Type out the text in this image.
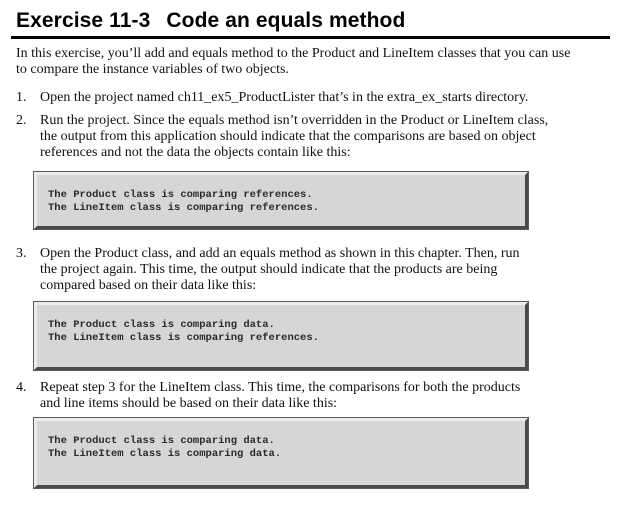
Exercise 11-3 Code an equals method
In this exercise, you’ll add and equals method to the Product and LineItem classes that you can use to compare the instance variables of two objects.
1. Open the project named ch11_ex5_ProductLister that’s in the extra_ex_starts directory.
2. Run the project. Since the equals method isn’t overridden in the Product or LineItem class, the output from this application should indicate that the comparisons are based on object references and not the data the objects contain like this:
The Product class is comparing references.
The LineItem class is comparing references.
3. Open the Product class, and add an equals method as shown in this chapter. Then, run the project again. This time, the output should indicate that the products are being compared based on their data like this:
The Product class is comparing data.
The LineItem class is comparing references.
4. Repeat step 3 for the LineItem class. This time, the comparisons for both the products and line items should be based on their data like this:
The Product class is comparing data.
The LineItem class is comparing data.
